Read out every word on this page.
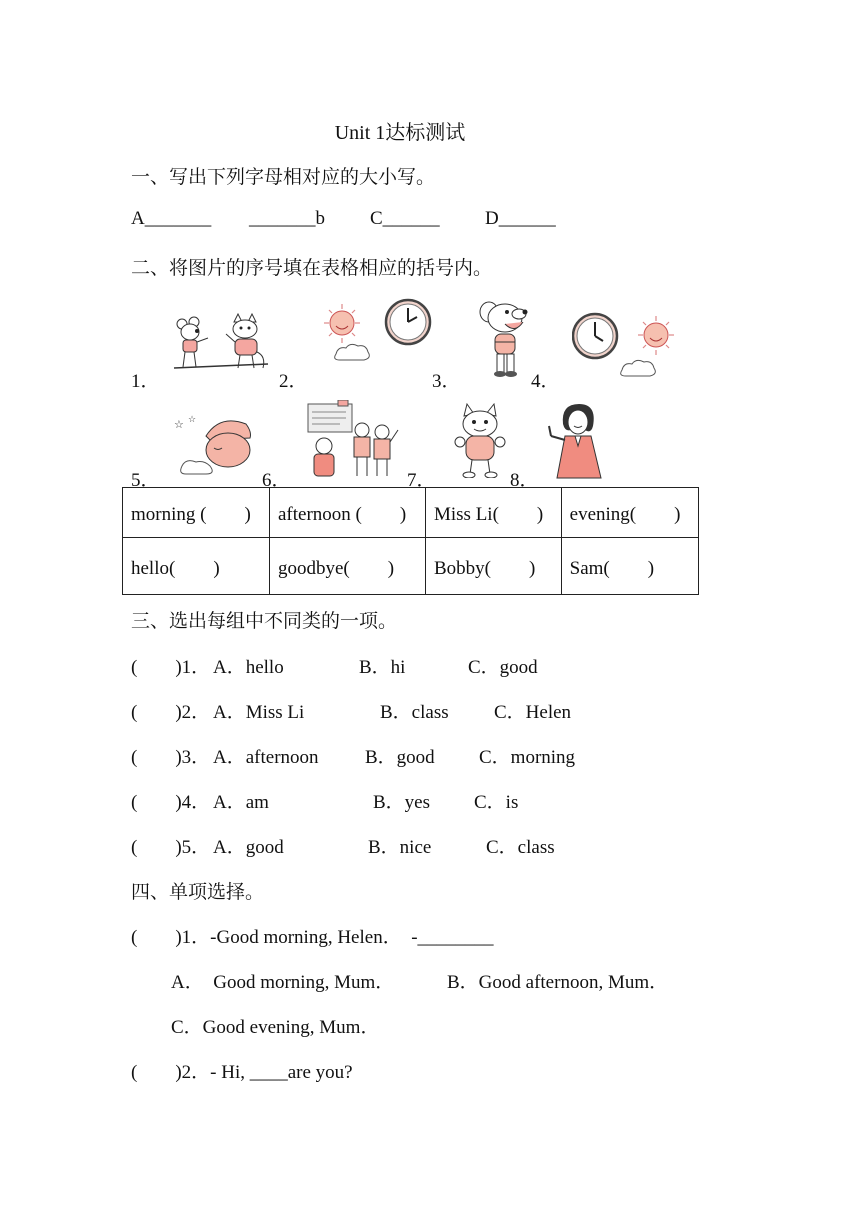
Unit 1达标测试
一、写出下列字母相对应的大小写。
A_______ _______b C______ D______
二、将图片的序号填在表格相应的括号内。
1．	2．	3．	4．
5．	6．	7．	8．
☆ ☆
morning (　　)	afternoon (　　)	Miss Li(　　)	evening(　　)
hello(　　)	goodbye(　　)	Bobby(　　)	Sam(　　)
三、选出每组中不同类的一项。
(　　)1． A．hello	B．hi	C．good
(　　)2． A．Miss Li	B．class C．Helen
(　　)3． A．afternoon B．good C．morning
(　　)4． A．am	B．yes C．is
(　　)5． A．good	B．nice	C．class
四、单项选择。
(　　)1．-Good morning, Helen．　-________
A．　Good morning, Mum．	B．Good afternoon, Mum．
C．Good evening, Mum．
(　　)2．- Hi, ____are you?
